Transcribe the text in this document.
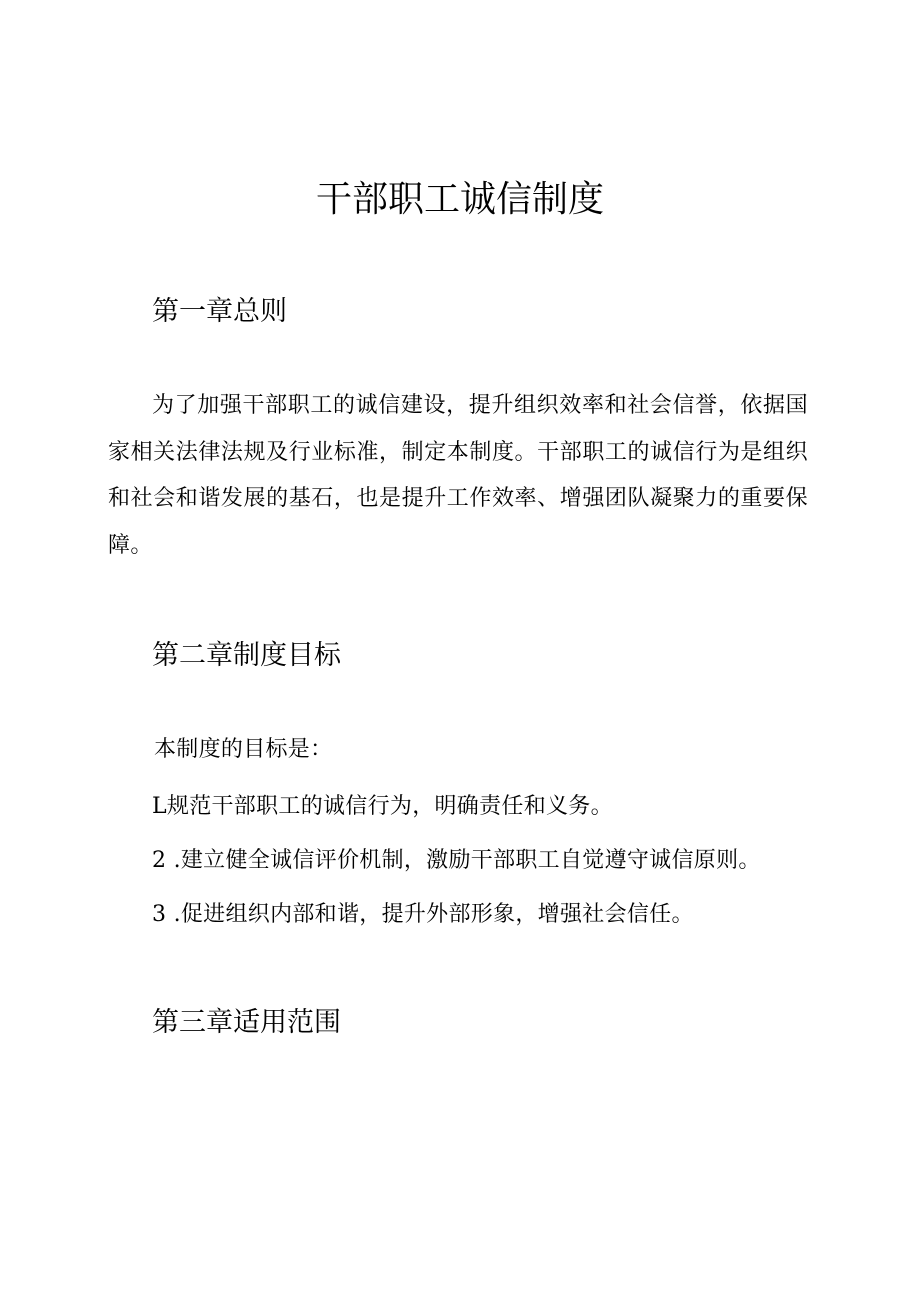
干部职工诚信制度
第一章总则

为了加强干部职工的诚信建设，提升组织效率和社会信誉，依据国家相关法律法规及行业标准，制定本制度。干部职工的诚信行为是组织和社会和谐发展的基石，也是提升工作效率、增强团队凝聚力的重要保障。

第二章制度目标

本制度的目标是：

L规范干部职工的诚信行为，明确责任和义务。

2 .建立健全诚信评价机制，激励干部职工自觉遵守诚信原则。

3 .促进组织内部和谐，提升外部形象，增强社会信任。

第三章适用范围
